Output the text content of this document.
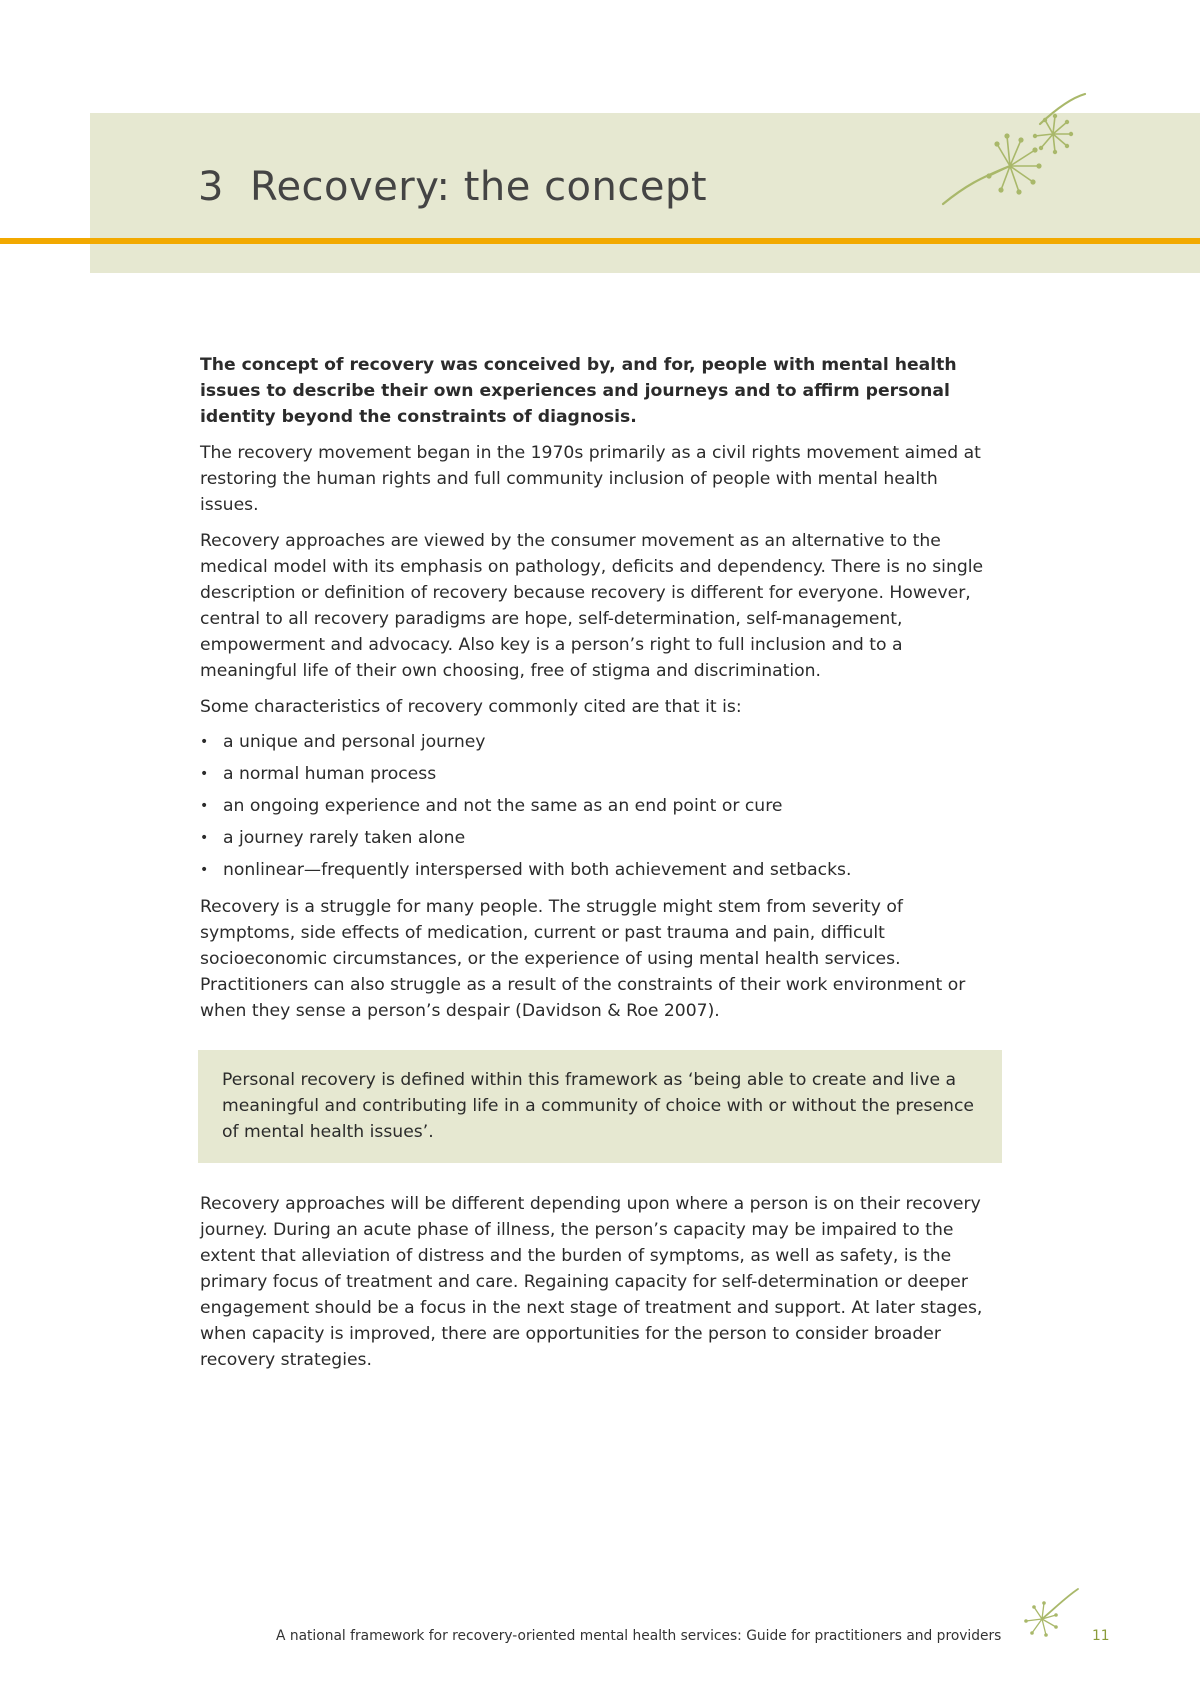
3 Recovery: the concept

The concept of recovery was conceived by, and for, people with mental health issues to describe their own experiences and journeys and to affirm personal identity beyond the constraints of diagnosis.

The recovery movement began in the 1970s primarily as a civil rights movement aimed at restoring the human rights and full community inclusion of people with mental health issues.

Recovery approaches are viewed by the consumer movement as an alternative to the medical model with its emphasis on pathology, deficits and dependency. There is no single description or definition of recovery because recovery is different for everyone. However, central to all recovery paradigms are hope, self-determination, self-management, empowerment and advocacy. Also key is a person’s right to full inclusion and to a meaningful life of their own choosing, free of stigma and discrimination.

Some characteristics of recovery commonly cited are that it is:

• a unique and personal journey
• a normal human process
• an ongoing experience and not the same as an end point or cure
• a journey rarely taken alone
• nonlinear—frequently interspersed with both achievement and setbacks.

Recovery is a struggle for many people. The struggle might stem from severity of symptoms, side effects of medication, current or past trauma and pain, difficult socioeconomic circumstances, or the experience of using mental health services. Practitioners can also struggle as a result of the constraints of their work environment or when they sense a person’s despair (Davidson & Roe 2007).

Personal recovery is defined within this framework as ‘being able to create and live a meaningful and contributing life in a community of choice with or without the presence of mental health issues’.

Recovery approaches will be different depending upon where a person is on their recovery journey. During an acute phase of illness, the person’s capacity may be impaired to the extent that alleviation of distress and the burden of symptoms, as well as safety, is the primary focus of treatment and care. Regaining capacity for self-determination or deeper engagement should be a focus in the next stage of treatment and support. At later stages, when capacity is improved, there are opportunities for the person to consider broader recovery strategies.

A national framework for recovery-oriented mental health services: Guide for practitioners and providers	11
